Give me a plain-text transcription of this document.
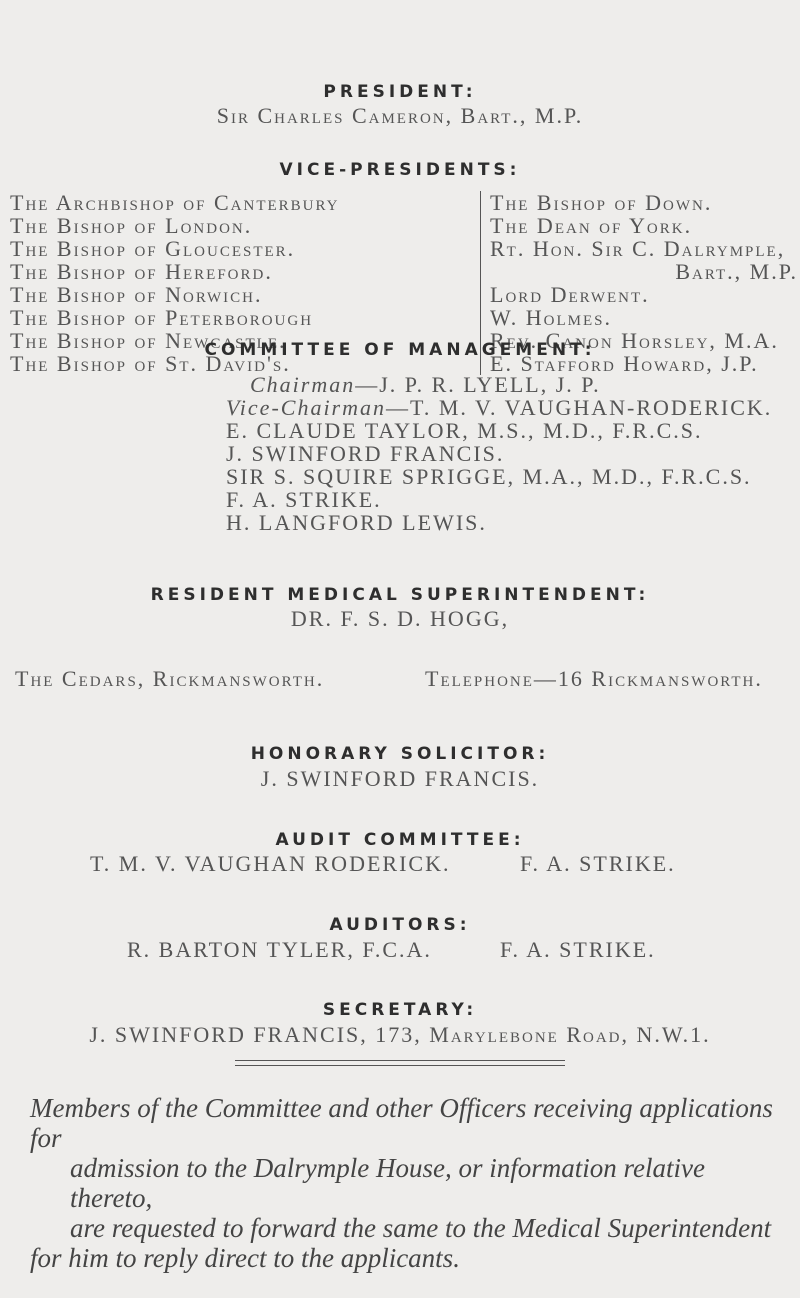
PRESIDENT:
Sir Charles Cameron, Bart., M.P.
VICE-PRESIDENTS:
The Archbishop of Canterbury
The Bishop of London.
The Bishop of Gloucester.
The Bishop of Hereford.
The Bishop of Norwich.
The Bishop of Peterborough
The Bishop of Newcastle.
The Bishop of St. David's.
The Bishop of Down.
The Dean of York.
Rt. Hon. Sir C. Dalrymple,
Bart., M.P.
Lord Derwent.
W. Holmes.
Rev. Canon Horsley, M.A.
E. Stafford Howard, J.P.
COMMITTEE OF MANAGEMENT:
Chairman—J. P. R. LYELL, J. P.
Vice-Chairman—T. M. V. VAUGHAN-RODERICK.
E. CLAUDE TAYLOR, M.S., M.D., F.R.C.S.
J. SWINFORD FRANCIS.
SIR S. SQUIRE SPRIGGE, M.A., M.D., F.R.C.S.
F. A. STRIKE.
H. LANGFORD LEWIS.
RESIDENT MEDICAL SUPERINTENDENT:
DR. F. S. D. HOGG,
The Cedars, Rickmansworth.	Telephone—16 Rickmansworth.
HONORARY SOLICITOR:
J. SWINFORD FRANCIS.
AUDIT COMMITTEE:
T. M. V. VAUGHAN RODERICK.	F. A. STRIKE.
AUDITORS:
R. BARTON TYLER, F.C.A.	F. A. STRIKE.
SECRETARY:
J. SWINFORD FRANCIS, 173, Marylebone Road, N.W.1.

Members of the Committee and other Officers receiving applications for

admission to the Dalrymple House, or information relative thereto,

are requested to forward the same to the Medical Superintendent

for him to reply direct to the applicants.
